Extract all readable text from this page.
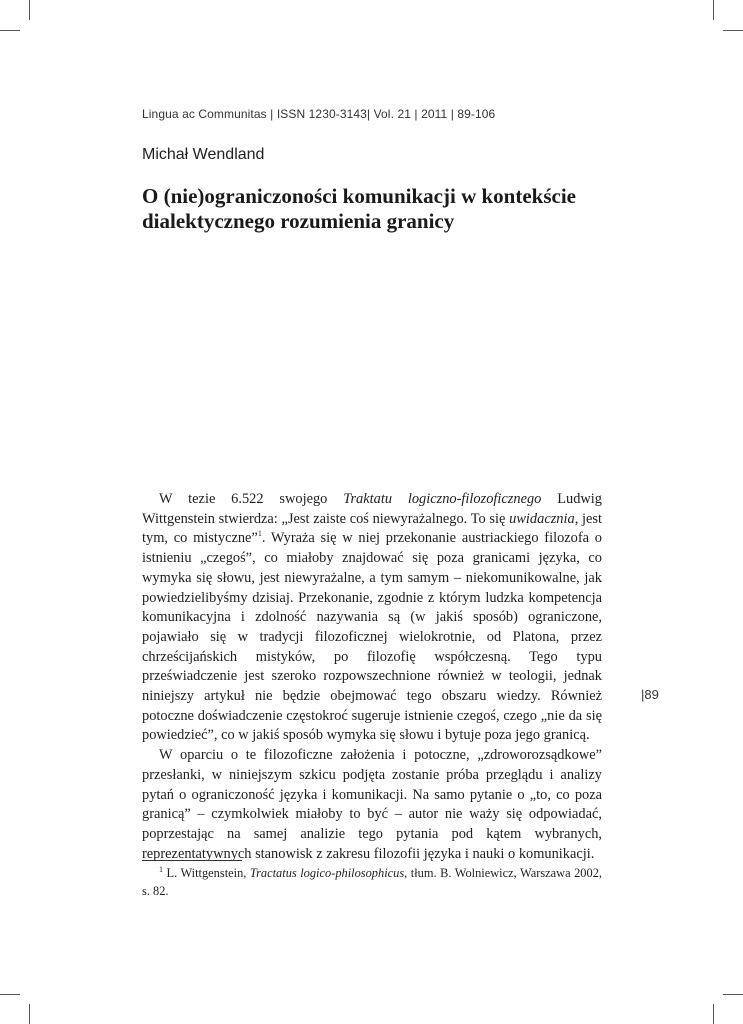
Lingua ac Communitas | ISSN 1230-3143| Vol. 21 | 2011 | 89-106
Michał Wendland
O (nie)ograniczoności komunikacji w kontekście dialektycznego rozumienia granicy

W tezie 6.522 swojego Traktatu logiczno-filozoficznego Ludwig Wittgenstein stwierdza: „Jest zaiste coś niewyrażalnego. To się uwidacznia, jest tym, co mistyczne”$^1$. Wyraża się w niej przekonanie austriackiego filozofa o istnieniu „czegoś”, co miałoby znajdować się poza granicami języka, co wymyka się słowu, jest niewyrażalne, a tym samym – niekomunikowalne, jak powiedzielibyśmy dzisiaj. Przekonanie, zgodnie z którym ludzka kompetencja komunikacyjna i zdolność nazywania są (w jakiś sposób) ograniczone, pojawiało się w tradycji filozoficznej wielokrotnie, od Platona, przez chrześcijańskich mistyków, po filozofię współczesną. Tego typu przeświadczenie jest szeroko rozpowszechnione również w teologii, jednak niniejszy artykuł nie będzie obejmować tego obszaru wiedzy. Również potoczne doświadczenie częstokroć sugeruje istnienie czegoś, czego „nie da się powiedzieć”, co w jakiś sposób wymyka się słowu i bytuje poza jego granicą.

W oparciu o te filozoficzne założenia i potoczne, „zdroworozsądkowe” przesłanki, w niniejszym szkicu podjęta zostanie próba przeglądu i analizy pytań o ograniczoność języka i komunikacji. Na samo pytanie o „to, co poza granicą” – czymkolwiek miałoby to być – autor nie waży się odpowiadać, poprzestając na samej analizie tego pytania pod kątem wybranych, reprezentatywnych stanowisk z zakresu filozofii języka i nauki o komunikacji.

|89

$^1$ L. Wittgenstein, Tractatus logico-philosophicus, tłum. B. Wolniewicz, Warszawa 2002, s. 82.
